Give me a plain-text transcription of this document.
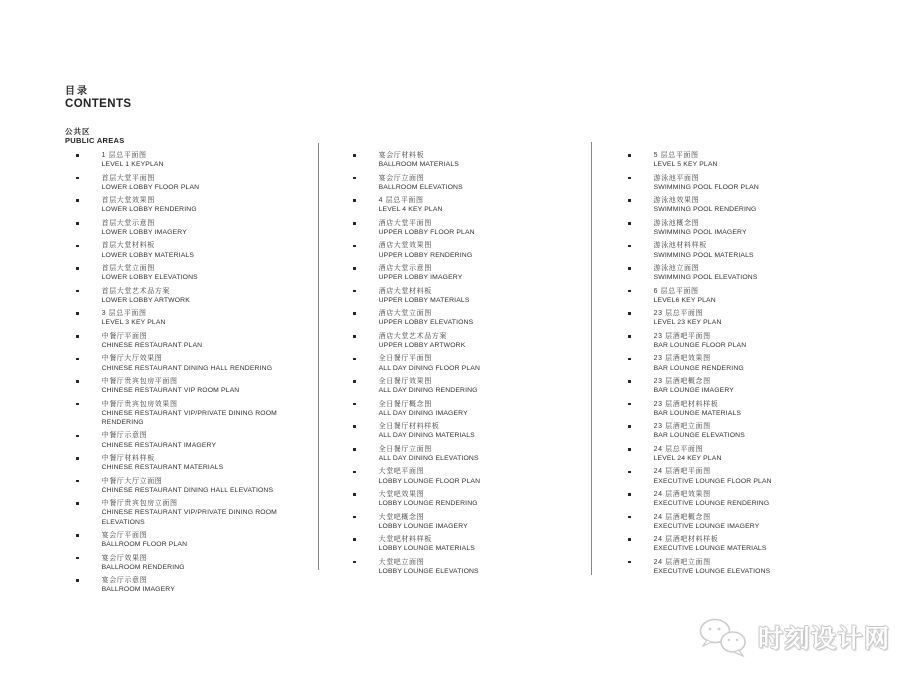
目录
CONTENTS
公共区
PUBLIC AREAS
1 层总平面图
LEVEL 1 KEYPLAN
首层大堂平面图
LOWER LOBBY FLOOR PLAN
首层大堂效果图
LOWER LOBBY RENDERING
首层大堂示意图
LOWER LOBBY IMAGERY
首层大堂材料板
LOWER LOBBY MATERIALS
首层大堂立面图
LOWER LOBBY ELEVATIONS
首层大堂艺术品方案
LOWER LOBBY ARTWORK
3 层总平面图
LEVEL 3 KEY PLAN
中餐厅平面图
CHINESE RESTAURANT PLAN
中餐厅大厅效果图
CHINESE RESTAURANT DINING HALL RENDERING
中餐厅贵宾包房平面图
CHINESE RESTAURANT VIP ROOM PLAN
中餐厅贵宾包房效果图
CHINESE RESTAURANT VIP/PRIVATE DINING ROOM RENDERING
中餐厅示意图
CHINESE RESTAURANT IMAGERY
中餐厅材料样板
CHINESE RESTAURANT MATERIALS
中餐厅大厅立面图
CHINESE RESTAURANT DINING HALL ELEVATIONS
中餐厅贵宾包房立面图
CHINESE RESTAURANT VIP/PRIVATE DINING ROOM ELEVATIONS
宴会厅平面图
BALLROOM FLOOR PLAN
宴会厅效果图
BALLROOM RENDERING
宴会厅示意图
BALLROOM IMAGERY
宴会厅材料板
BALLROOM MATERIALS
宴会厅立面图
BALLROOM ELEVATIONS
4 层总平面图
LEVEL 4 KEY PLAN
酒店大堂平面图
UPPER LOBBY FLOOR PLAN
酒店大堂效果图
UPPER LOBBY RENDERING
酒店大堂示意图
UPPER LOBBY IMAGERY
酒店大堂材料板
UPPER LOBBY MATERIALS
酒店大堂立面图
UPPER LOBBY ELEVATIONS
酒店大堂艺术品方案
UPPER LOBBY ARTWORK
全日餐厅平面图
ALL DAY DINING FLOOR PLAN
全日餐厅效果图
ALL DAY DINING RENDERING
全日餐厅概念图
ALL DAY DINING IMAGERY
全日餐厅材料样板
ALL DAY DINING MATERIALS
全日餐厅立面图
ALL DAY DINING ELEVATIONS
大堂吧平面图
LOBBY LOUNGE FLOOR PLAN
大堂吧效果图
LOBBY LOUNGE RENDERING
大堂吧概念图
LOBBY LOUNGE IMAGERY
大堂吧材料样板
LOBBY LOUNGE MATERIALS
大堂吧立面图
LOBBY LOUNGE ELEVATIONS
5 层总平面图
LEVEL 5 KEY PLAN
游泳池平面图
SWIMMING POOL FLOOR PLAN
游泳池效果图
SWIMMING POOL RENDERING
游泳池概念图
SWIMMING POOL IMAGERY
游泳池材料样板
SWIMMING POOL MATERIALS
游泳池立面图
SWIMMING POOL ELEVATIONS
6 层总平面图
LEVEL6 KEY PLAN
23 层总平面图
LEVEL 23 KEY PLAN
23 层酒吧平面图
BAR LOUNGE FLOOR PLAN
23 层酒吧效果图
BAR LOUNGE RENDERING
23 层酒吧概念图
BAR LOUNGE IMAGERY
23 层酒吧材料样板
BAR LOUNGE MATERIALS
23 层酒吧立面图
BAR LOUNGE ELEVATIONS
24 层总平面图
LEVEL 24 KEY PLAN
24 层酒吧平面图
EXECUTIVE LOUNGE FLOOR PLAN
24 层酒吧效果图
EXECUTIVE LOUNGE RENDERING
24 层酒吧概念图
EXECUTIVE LOUNGE IMAGERY
24 层酒吧材料样板
EXECUTIVE LOUNGE MATERIALS
24 层酒吧立面图
EXECUTIVE LOUNGE ELEVATIONS
时刻设计网
